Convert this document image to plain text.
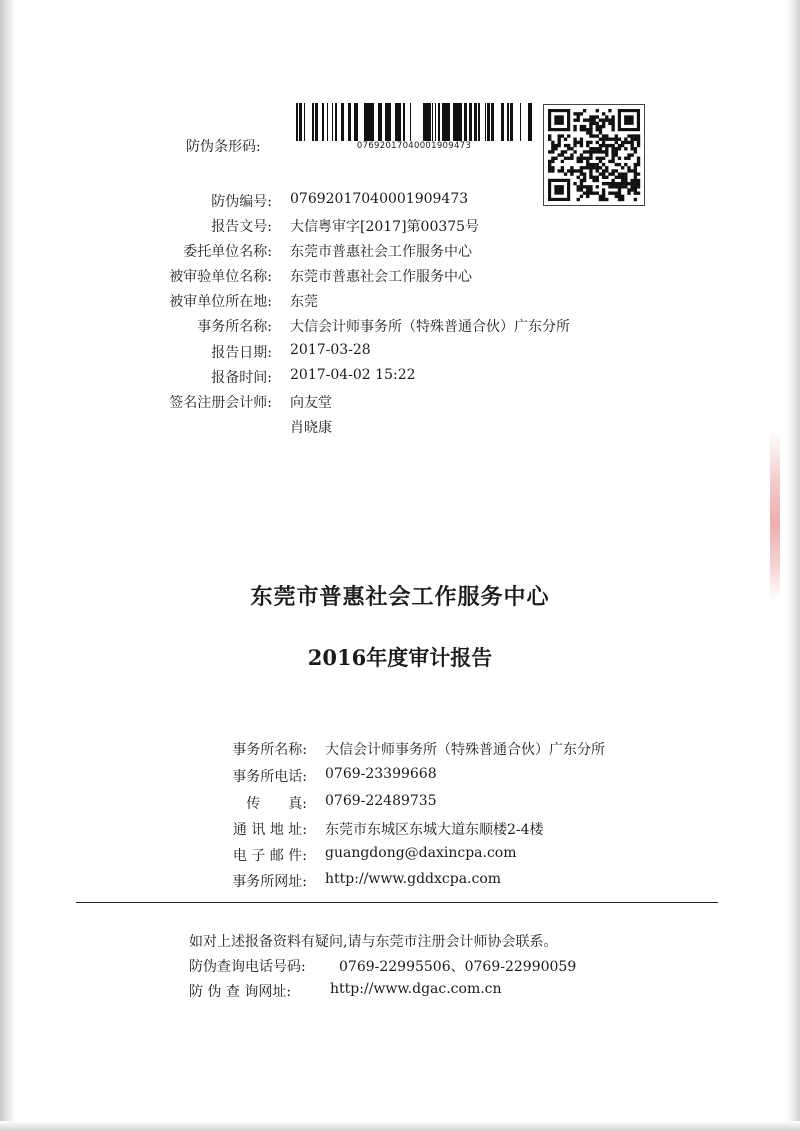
防伪条形码:	07692017040001909473
防伪编号: 07692017040001909473
报告文号: 大信粤审字[2017]第00375号
委托单位名称: 东莞市普惠社会工作服务中心
被审验单位名称: 东莞市普惠社会工作服务中心
被审单位所在地: 东莞
事务所名称: 大信会计师事务所（特殊普通合伙）广东分所
报告日期: 2017-03-28
报备时间: 2017-04-02 15:22
签名注册会计师: 向友堂
肖晓康
东莞市普惠社会工作服务中心
2016年度审计报告
事务所名称: 大信会计师事务所（特殊普通合伙）广东分所
事务所电话: 0769-23399668
传　　真: 0769-22489735
通 讯 地 址: 东莞市东城区东城大道东顺楼2-4楼
电 子 邮 件: guangdong@daxincpa.com
事务所网址: http://www.gddxcpa.com
如对上述报备资料有疑问,请与东莞市注册会计师协会联系。
防伪查询电话号码: 0769-22995506、0769-22990059
防 伪 查 询网址:	http://www.dgac.com.cn
